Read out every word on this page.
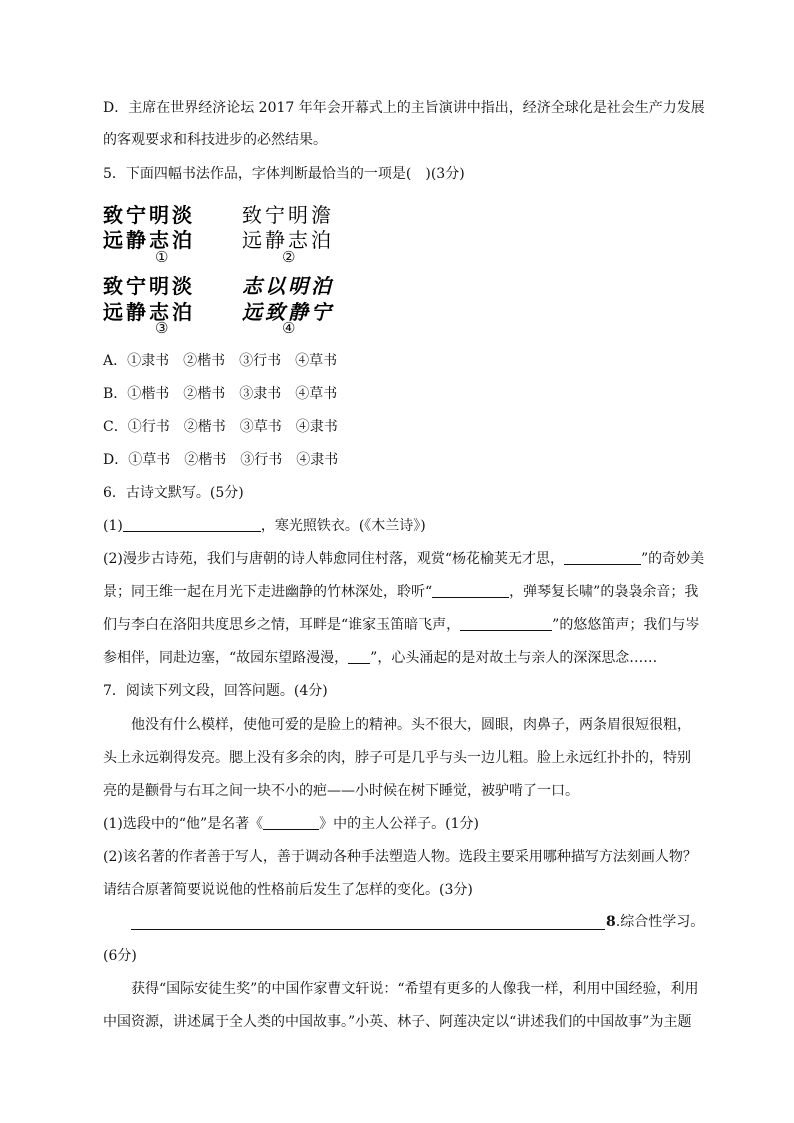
D．主席在世界经济论坛 2017 年年会开幕式上的主旨演讲中指出，经济全球化是社会生产力发展
的客观要求和科技进步的必然结果。
5．下面四幅书法作品，字体判断最恰当的一项是(　)(3分)
致宁明淡
远静志泊
①
致宁明澹
远静志泊
②
致宁明淡
远静志泊
③
志以明泊
远致静宁
④
A．①隶书　②楷书　③行书　④草书
B．①楷书　②楷书　③隶书　④草书
C．①行书　②楷书　③草书　④隶书
D．①草书　②楷书　③行书　④隶书
6．古诗文默写。(5分)
(1)	，寒光照铁衣。(《木兰诗》)
(2)漫步古诗苑，我们与唐朝的诗人韩愈同住村落，观赏“杨花榆荚无才思，	”的奇妙美
景；同王维一起在月光下走进幽静的竹林深处，聆听“	，弹琴复长啸”的袅袅余音；我
们与李白在洛阳共度思乡之情，耳畔是“谁家玉笛暗飞声，	”的悠悠笛声；我们与岑
参相伴，同赴边塞，“故园东望路漫漫， ”，心头涌起的是对故土与亲人的深深思念……
7．阅读下列文段，回答问题。(4分)
他没有什么模样，使他可爱的是脸上的精神。头不很大，圆眼，肉鼻子，两条眉很短很粗，
头上永远剃得发亮。腮上没有多余的肉，脖子可是几乎与头一边儿粗。脸上永远红扑扑的，特别
亮的是颧骨与右耳之间一块不小的疤——小时候在树下睡觉，被驴啃了一口。
(1)选段中的“他”是名著《	》中的主人公祥子。(1分)
(2)该名著的作者善于写人，善于调动各种手法塑造人物。选段主要采用哪种描写方法刻画人物？
请结合原著简要说说他的性格前后发生了怎样的变化。(3分)
8.综合性学习。
(6分)
获得“国际安徒生奖”的中国作家曹文轩说：“希望有更多的人像我一样，利用中国经验，利用
中国资源，讲述属于全人类的中国故事。”小英、林子、阿莲决定以“讲述我们的中国故事”为主题
